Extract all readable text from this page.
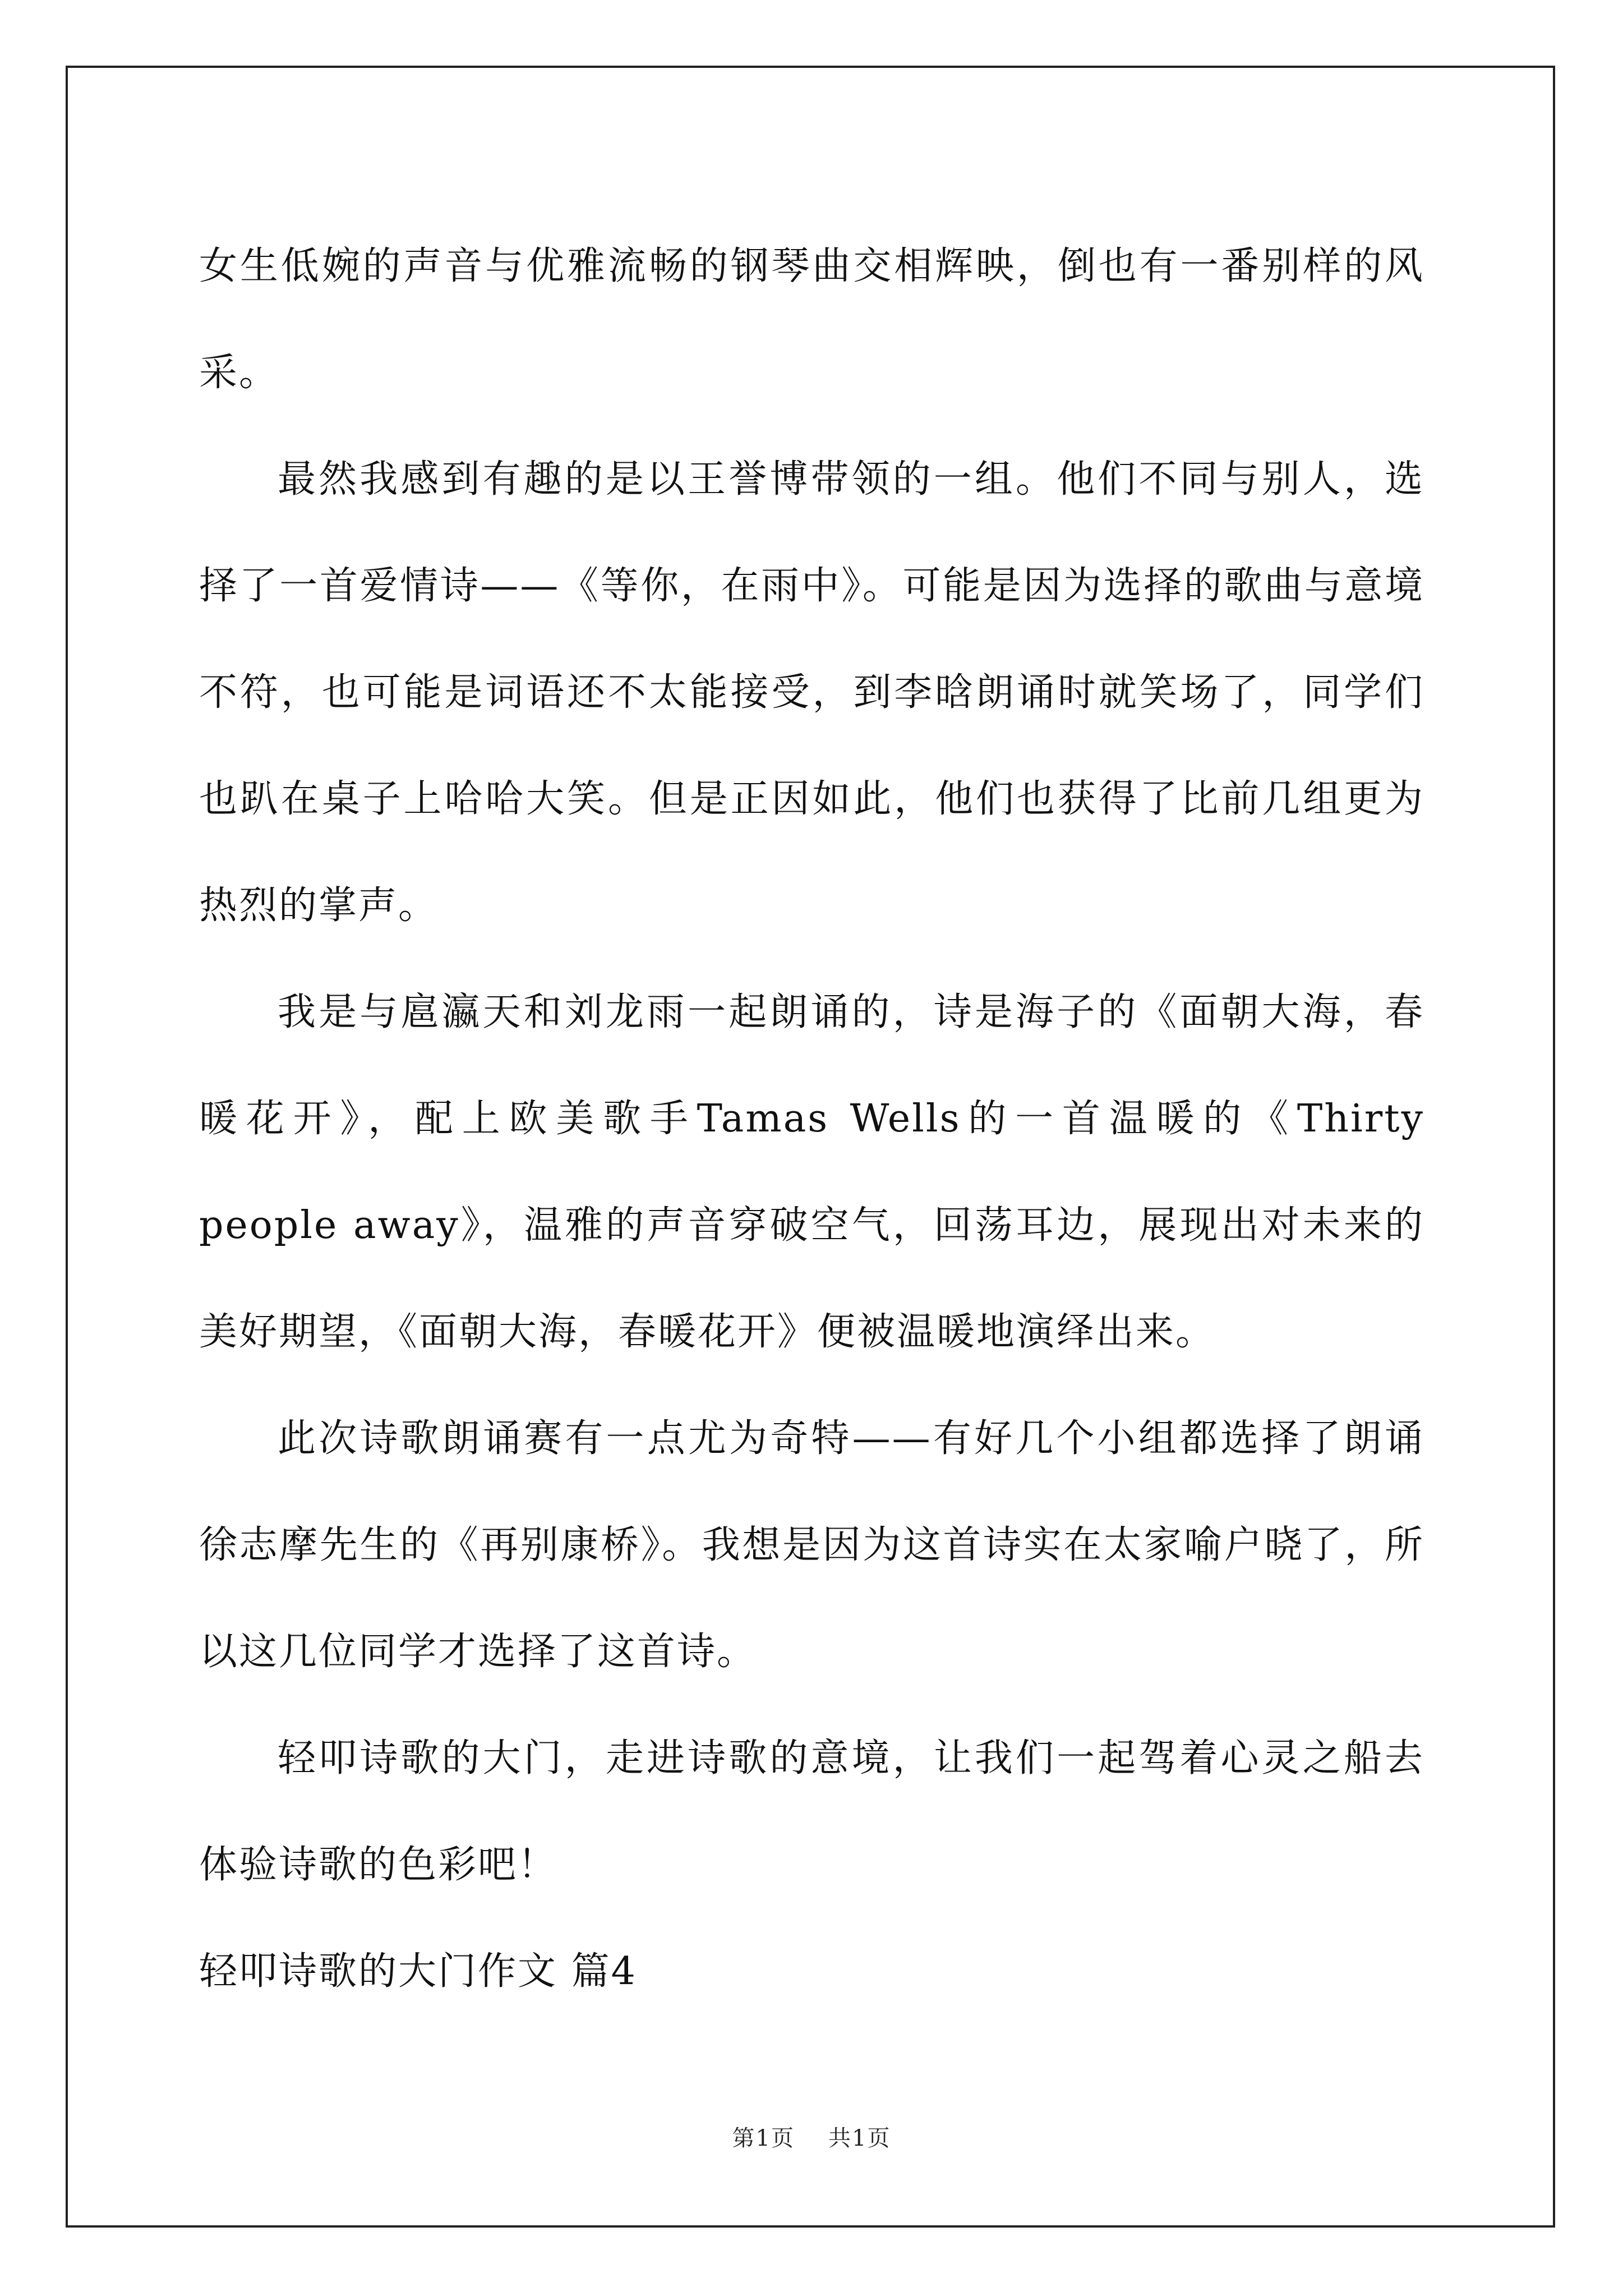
女生低婉的声音与优雅流畅的钢琴曲交相辉映，倒也有一番别样的风采。

最然我感到有趣的是以王誉博带领的一组。他们不同与别人，选择了一首爱情诗——《等你，在雨中》。可能是因为选择的歌曲与意境不符，也可能是词语还不太能接受，到李晗朗诵时就笑场了，同学们也趴在桌子上哈哈大笑。但是正因如此，他们也获得了比前几组更为热烈的掌声。

我是与扈瀛天和刘龙雨一起朗诵的，诗是海子的《面朝大海，春暖花开》，配上欧美歌手Tamas Wells的一首温暖的《Thirty people away》，温雅的声音穿破空气，回荡耳边，展现出对未来的美好期望，《面朝大海，春暖花开》便被温暖地演绎出来。

此次诗歌朗诵赛有一点尤为奇特——有好几个小组都选择了朗诵徐志摩先生的《再别康桥》。我想是因为这首诗实在太家喻户晓了，所以这几位同学才选择了这首诗。

轻叩诗歌的大门，走进诗歌的意境，让我们一起驾着心灵之船去体验诗歌的色彩吧！

轻叩诗歌的大门作文 篇4

第1页 共1页
